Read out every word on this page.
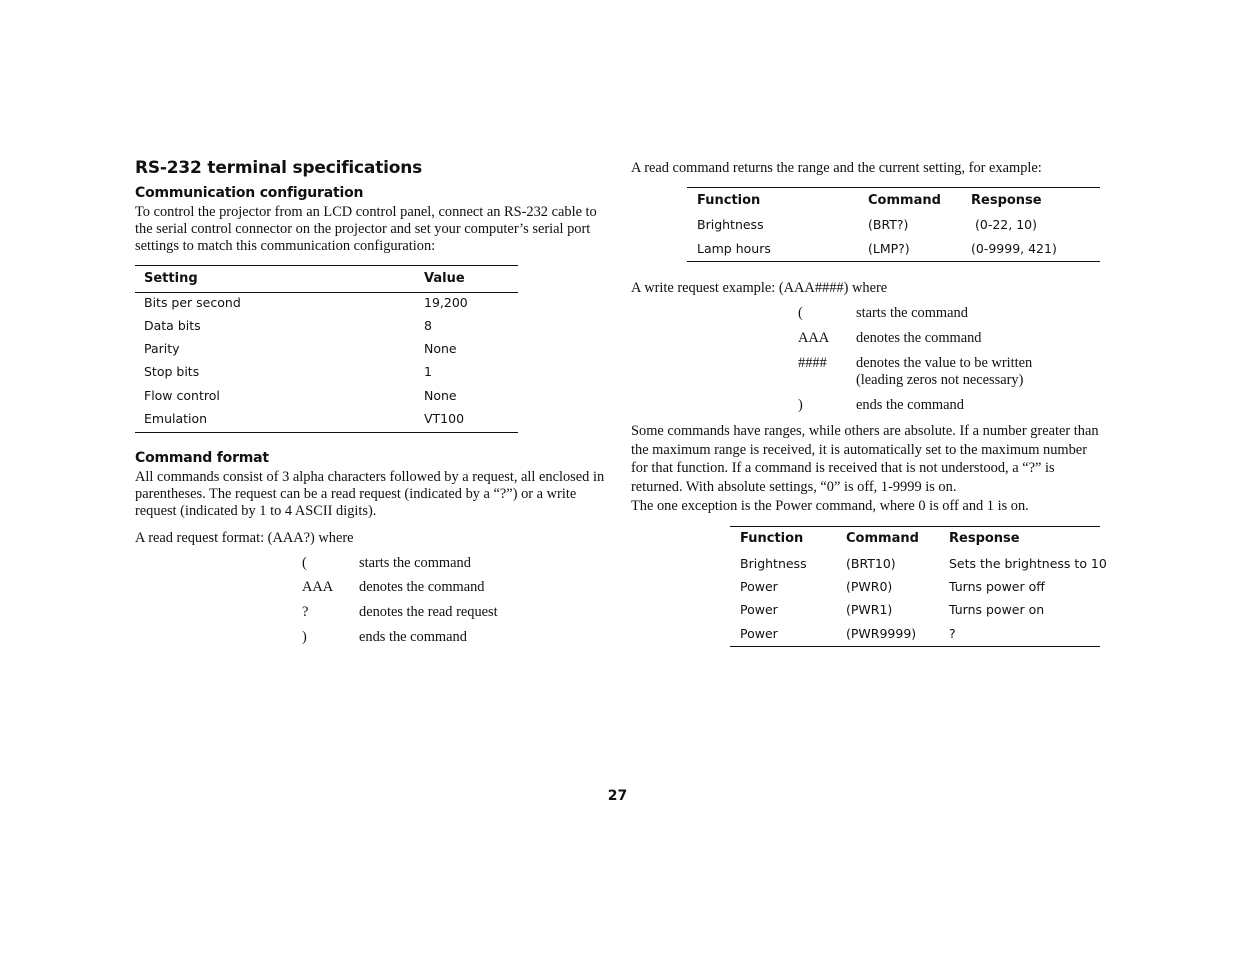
RS-232 terminal specifications
Communication configuration

To control the projector from an LCD control panel, connect an RS-232 cable to the serial control connector on the projector and set your computer’s serial port settings to match this communication configuration:

Setting	Value
Bits per second	19,200
Data bits	8
Parity	None
Stop bits	1
Flow control	None
Emulation	VT100
Command format

All commands consist of 3 alpha characters followed by a request, all enclosed in parentheses. The request can be a read request (indicated by a “?”) or a write request (indicated by 1 to 4 ASCII digits).

A read request format: (AAA?) where

(	starts the command
AAA denotes the command
?	denotes the read request
)	ends the command

A read command returns the range and the current setting, for example:

Function	Command Response
Brightness	(BRT?)	(0-22, 10)
Lamp hours	(LMP?)	(0-9999, 421)

A write request example: (AAA####) where

(	starts the command
AAA denotes the command
#### denotes the value to be written (leading zeros not necessary)
)	ends the command

Some commands have ranges, while others are absolute. If a number greater than the maximum range is received, it is automatically set to the maximum number for that function. If a command is received that is not understood, a “?” is returned. With absolute settings, “0” is off, 1-9999 is on.

The one exception is the Power command, where 0 is off and 1 is on.

Function	Command Response
Brightness	(BRT10)	Sets the brightness to 10
Power	(PWR0)	Turns power off
Power	(PWR1)	Turns power on
Power	(PWR9999)	?
27
